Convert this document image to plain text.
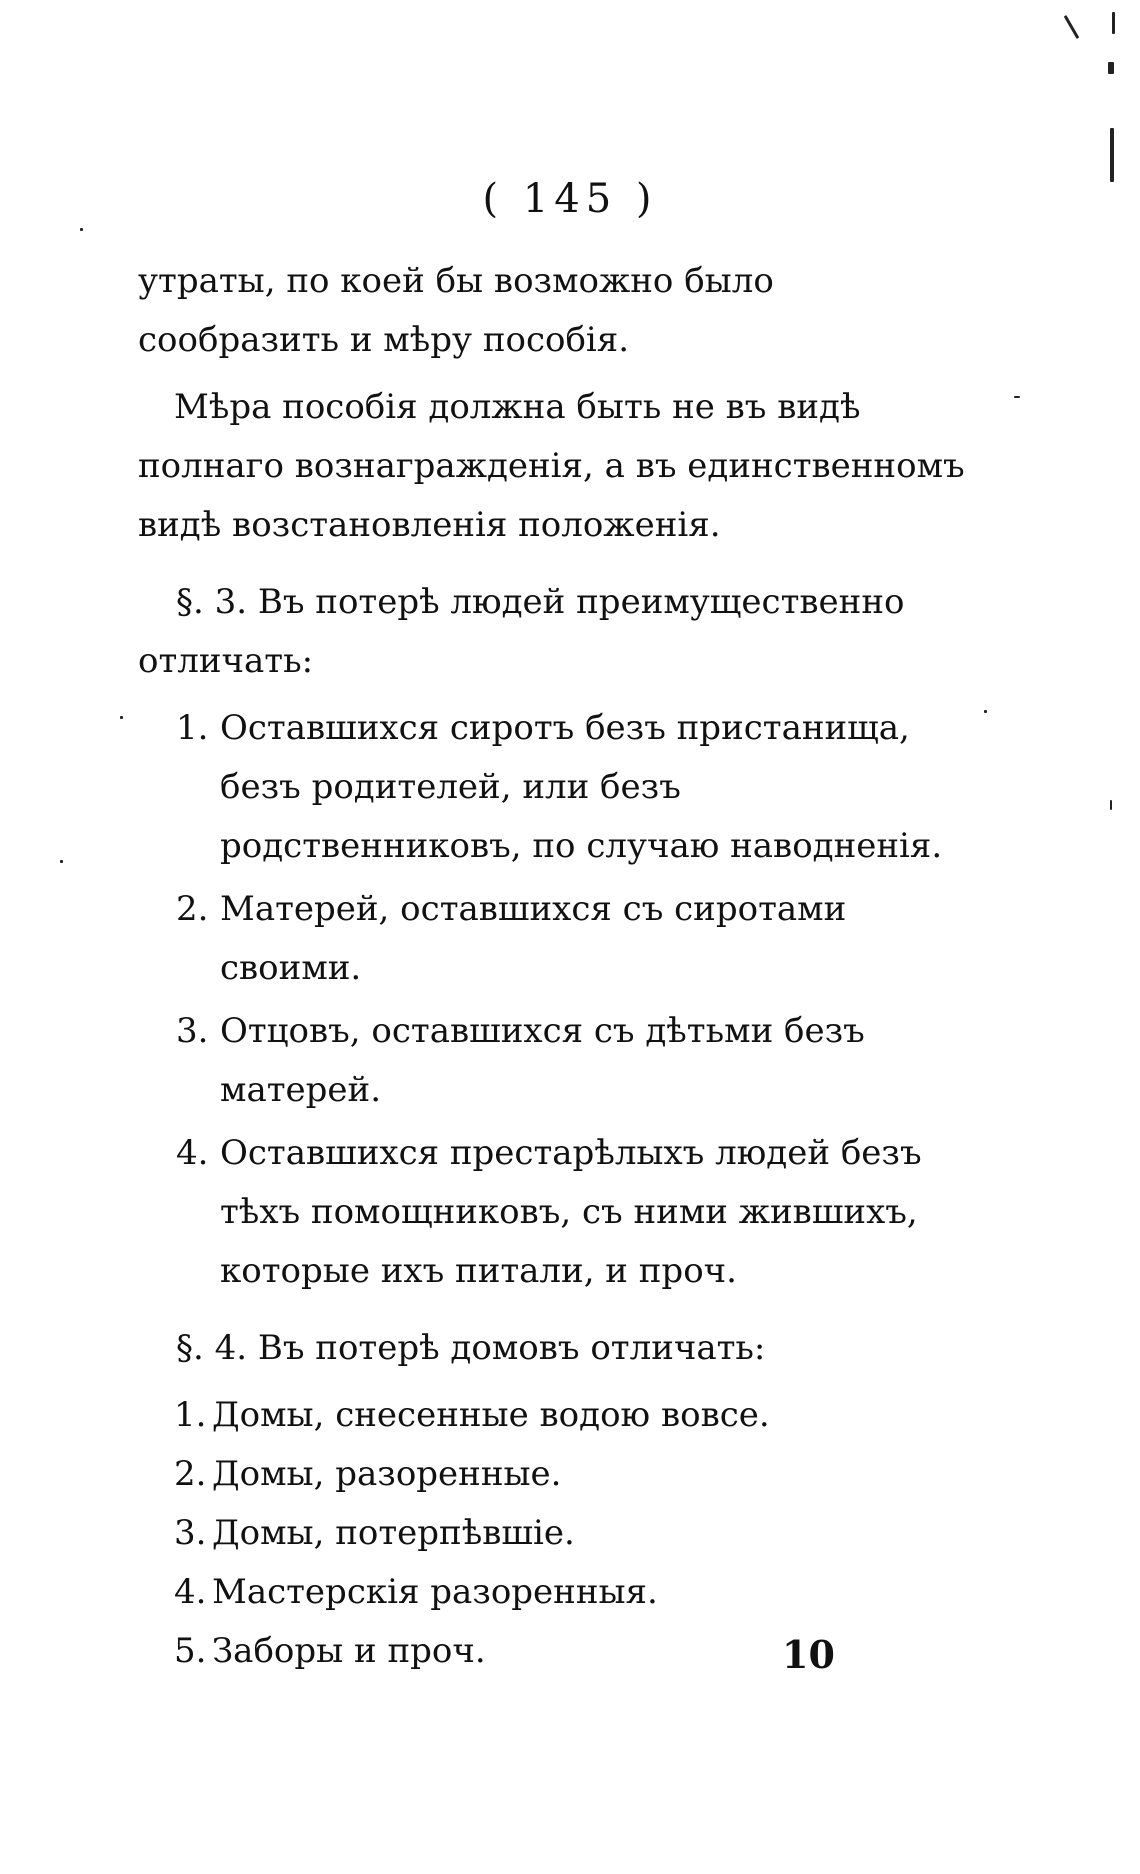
( 145 )

утраты, по коей бы возможно было сообразить и мѣру пособія.

Мѣра пособія должна быть не въ видѣ полнаго вознагражденія, а въ единственномъ видѣ возстановленія положенія.

§. 3. Въ потерѣ людей преимущественно отличать:

1. Оставшихся сиротъ безъ пристанища, безъ родителей, или безъ родственниковъ, по случаю наводненія.
2. Матерей, оставшихся съ сиротами своими.
3. Отцовъ, оставшихся съ дѣтьми безъ матерей.
4. Оставшихся престарѣлыхъ людей безъ тѣхъ помощниковъ, съ ними жившихъ, которые ихъ питали, и проч.

§. 4. Въ потерѣ домовъ отличать:

1. Домы, снесенные водою вовсе.
2. Домы, разоренные.
3. Домы, потерпѣвшіе.
4. Мастерскія разоренныя.
5. Заборы и проч.	10
